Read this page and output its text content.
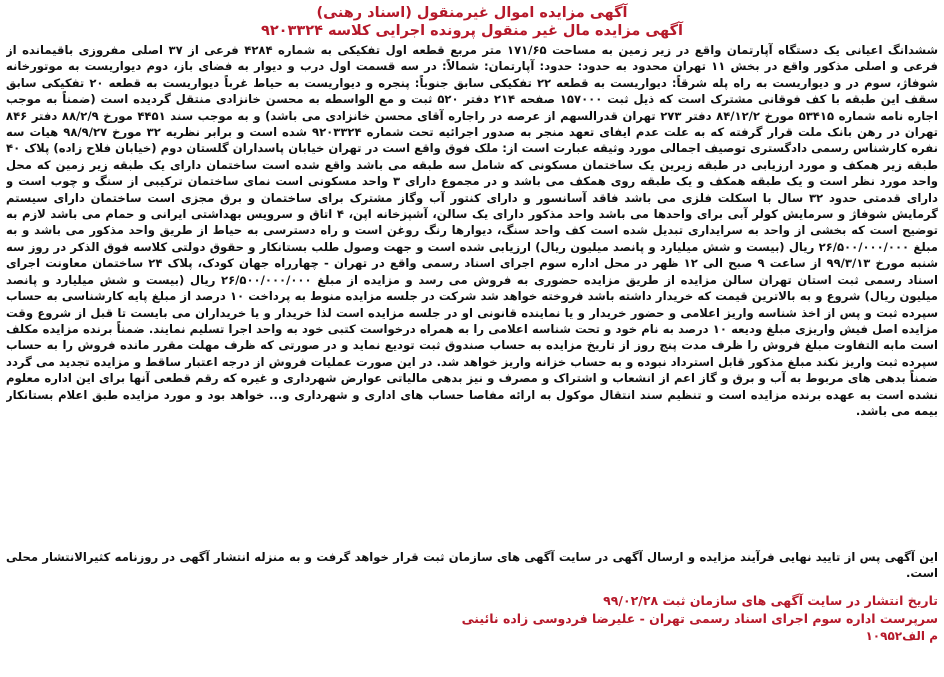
آگهی مزایده اموال غیرمنقول (اسناد رهنی)

آگهی مزایده مال غیر منقول پرونده اجرایی کلاسه ۹۲۰۳۳۲۴

ششدانگ اعیانی یک دستگاه آپارتمان واقع در زیر زمین به مساحت ۱۷۱/۶۵ متر مربع قطعه اول تفکیکی به شماره ۴۲۸۴ فرعی از ۳۷ اصلی مفروزی باقیمانده از فرعی و اصلی مذکور واقع در بخش ۱۱ تهران محدود به حدود: حدود: آپارتمان: شمالاً: در سه قسمت اول درب و دیوار به فضای باز، دوم دیواریست به موتورخانه شوفاژ، سوم در و دیواریست به راه پله شرقاً: دیواریست به قطعه ۲۲ تفکیکی سابق جنوباً: پنجره و دیواریست به حیاط غرباً دیواریست به قطعه ۲۰ تفکیکی سابق سقف این طبقه با کف فوقانی مشترک است که ذیل ثبت ۱۵۷۰۰۰ صفحه ۲۱۴ دفتر ۵۲۰ ثبت و مع الواسطه به محسن خانزادی منتقل گردیده است (ضمناً به موجب اجاره نامه شماره ۵۳۴۱۵ مورخ ۸۴/۱۲/۲ دفتر ۲۷۳ تهران قدرالسهم از عرصه در راجاره آقای محسن خانزادی می باشد) و به موجب سند ۴۴۵۱ مورخ ۸۸/۲/۹ دفتر ۸۴۶ تهران در رهن بانک ملت قرار گرفته که به علت عدم ایفای تعهد منجر به صدور اجرائیه تحت شماره ۹۲۰۳۳۲۴ شده است و برابر نظریه ۳۲ مورخ ۹۸/۹/۲۷ هیات سه نفره کارشناس رسمی دادگستری توصیف اجمالی مورد وثیقه عبارت است از: ملک فوق واقع است در تهران خیابان پاسداران گلستان دوم (خیابان فلاح زاده) پلاک ۴۰ طبقه زیر همکف و مورد ارزیابی در طبقه زیرین یک ساختمان مسکونی که شامل سه طبقه می باشد واقع شده است ساختمان دارای یک طبقه زیر زمین که محل واحد مورد نظر است و یک طبقه همکف و یک طبقه روی همکف می باشد و در مجموع دارای ۳ واحد مسکونی است نمای ساختمان ترکیبی از سنگ و چوب است و دارای قدمتی حدود ۳۲ سال با اسکلت فلزی می باشد فاقد آسانسور و دارای کنتور آب وگاز مشترک برای ساختمان و برق مجزی است ساختمان دارای سیستم گرمایش شوفاژ و سرمایش کولر آبی برای واحدها می باشد واحد مذکور دارای یک سالن، آشپزخانه اپن، ۴ اتاق و سرویس بهداشتی ایرانی و حمام می باشد لازم به توضیح است که بخشی از واحد به سرایداری تبدیل شده است کف واحد سنگ، دیوارها رنگ روغن است و راه دسترسی به حیاط از طریق واحد مذکور می باشد و به مبلغ ۲۶/۵۰۰/۰۰۰/۰۰۰ ریال (بیست و شش میلیارد و پانصد میلیون ریال) ارزیابی شده است و جهت وصول طلب بستانکار و حقوق دولتی کلاسه فوق الذکر در روز سه شنبه مورخ ۹۹/۳/۱۳ از ساعت ۹ صبح الی ۱۲ ظهر در محل اداره سوم اجرای اسناد رسمی واقع در تهران - چهارراه جهان کودک، پلاک ۲۴ ساختمان معاونت اجرای اسناد رسمی ثبت استان تهران سالن مزایده از طریق مزایده حضوری به فروش می رسد و مزایده از مبلغ ۲۶/۵۰۰/۰۰۰/۰۰۰ ریال (بیست و شش میلیارد و پانصد میلیون ریال) شروع و به بالاترین قیمت که خریدار داشته باشد فروخته خواهد شد شرکت در جلسه مزایده منوط به پرداخت ۱۰ درصد از مبلغ پایه کارشناسی به حساب سپرده ثبت و پس از اخذ شناسه واریز اعلامی و حضور خریدار و یا نماینده قانونی او در جلسه مزایده است لذا خریدار و یا خریداران می بایست تا قبل از شروع وقت مزایده اصل فیش واریزی مبلغ ودیعه ۱۰ درصد به نام خود و تحت شناسه اعلامی را به همراه درخواست کتبی خود به واحد اجرا تسلیم نمایند. ضمناً برنده مزایده مکلف است مابه التفاوت مبلغ فروش را ظرف مدت پنج روز از تاریخ مزایده به حساب صندوق ثبت تودیع نماید و در صورتی که ظرف مهلت مقرر مانده فروش را به حساب سپرده ثبت واریز نکند مبلغ مذکور قابل استرداد نبوده و به حساب خزانه واریز خواهد شد. در این صورت عملیات فروش از درجه اعتبار ساقط و مزایده تجدید می گردد ضمناً بدهی های مربوط به آب و برق و گاز اعم از انشعاب و اشتراک و مصرف و نیز بدهی مالیاتی عوارض شهرداری و غیره که رقم قطعی آنها برای این اداره معلوم نشده است به عهده برنده مزایده است و تنظیم سند انتقال موکول به ارائه مفاصا حساب های اداری و شهرداری و... خواهد بود و مورد مزایده طبق اعلام بستانکار بیمه می باشد.

این آگهی پس از تایید نهایی فرآیند مزایده و ارسال آگهی در سایت آگهی های سازمان ثبت قرار خواهد گرفت و به منزله انتشار آگهی در روزنامه کثیرالانتشار محلی است.

تاریخ انتشار در سایت آگهی های سازمان ثبت ۹۹/۰۲/۲۸

سرپرست اداره سوم اجرای اسناد رسمی تهران - علیرضا فردوسی زاده نائینی

م الف۱۰۹۵۲
